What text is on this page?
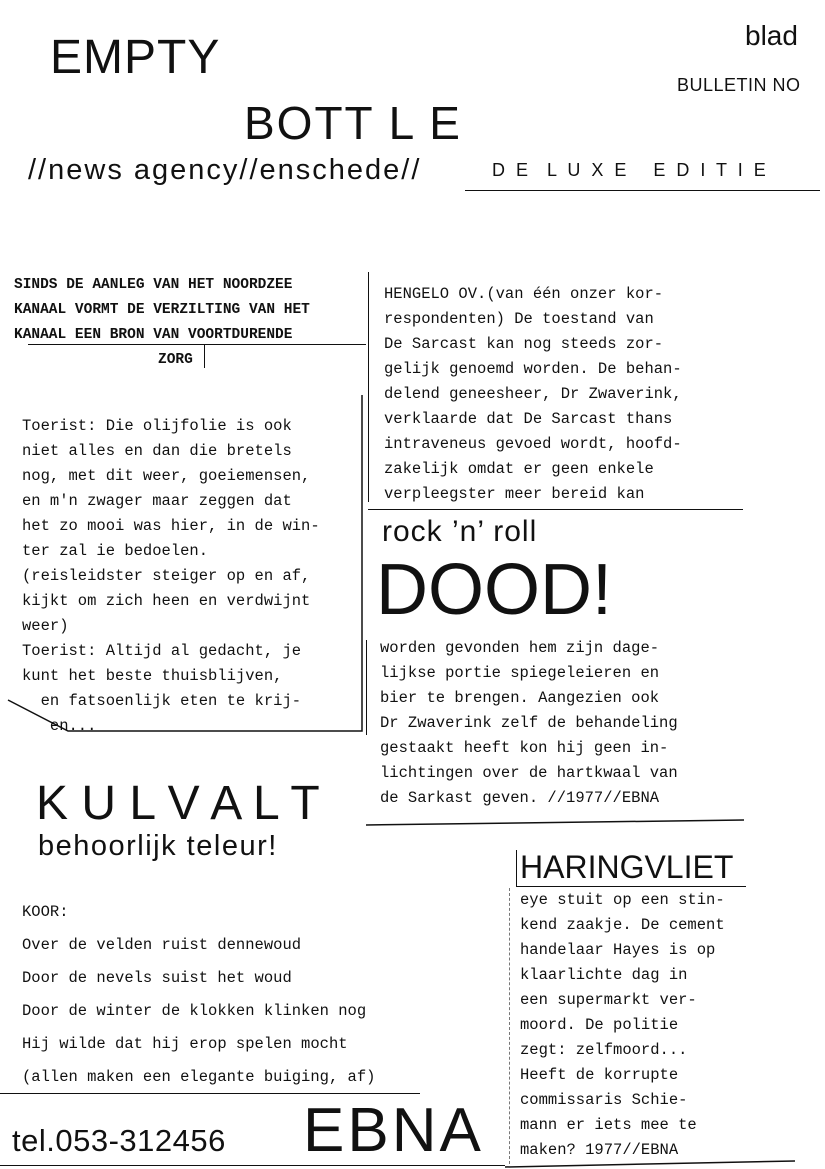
EMPTY
BOTT L E
//news agency//enschede//	D E  L U X E   E D I T I E
blad
BULLETIN NO
SINDS DE AANLEG VAN HET NOORDZEE
KANAAL VORMT DE VERZILTING VAN HET
KANAAL EEN BRON VAN VOORTDURENDE
ZORG
Toerist: Die olijfolie is ook
niet alles en dan die bretels
nog, met dit weer, goeiemensen,
en m'n zwager maar zeggen dat
het zo mooi was hier, in de win-
ter zal ie bedoelen.
(reisleidster steiger op en af,
kijkt om zich heen en verdwijnt
weer)
Toerist: Altijd al gedacht, je
kunt het beste thuisblijven,
en fatsoenlijk eten te krij-
en...
HENGELO OV.(van één onzer kor-
respondenten) De toestand van
De Sarcast kan nog steeds zor-
gelijk genoemd worden. De behan-
delend geneesheer, Dr Zwaverink,
verklaarde dat De Sarcast thans
intraveneus gevoed wordt, hoofd-
zakelijk omdat er geen enkele
verpleegster meer bereid kan
rock ’n’ roll
DOOD!
worden gevonden hem zijn dage-
lijkse portie spiegeleieren en
bier te brengen. Aangezien ook
Dr Zwaverink zelf de behandeling
gestaakt heeft kon hij geen in-
lichtingen over de hartkwaal van
de Sarkast geven. //1977//EBNA
K U L V A L T
behoorlijk teleur!
KOOR:
Over de velden ruist dennewoud
Door de nevels suist het woud
Door de winter de klokken klinken nog
Hij wilde dat hij erop spelen mocht
(allen maken een elegante buiging, af)
HARINGVLIET
eye stuit op een stin-
kend zaakje. De cement
handelaar Hayes is op
klaarlichte dag in
een supermarkt ver-
moord. De politie
zegt: zelfmoord...
Heeft de korrupte
commissaris Schie-
mann er iets mee te
maken? 1977//EBNA
tel.053-312456 EBNA
